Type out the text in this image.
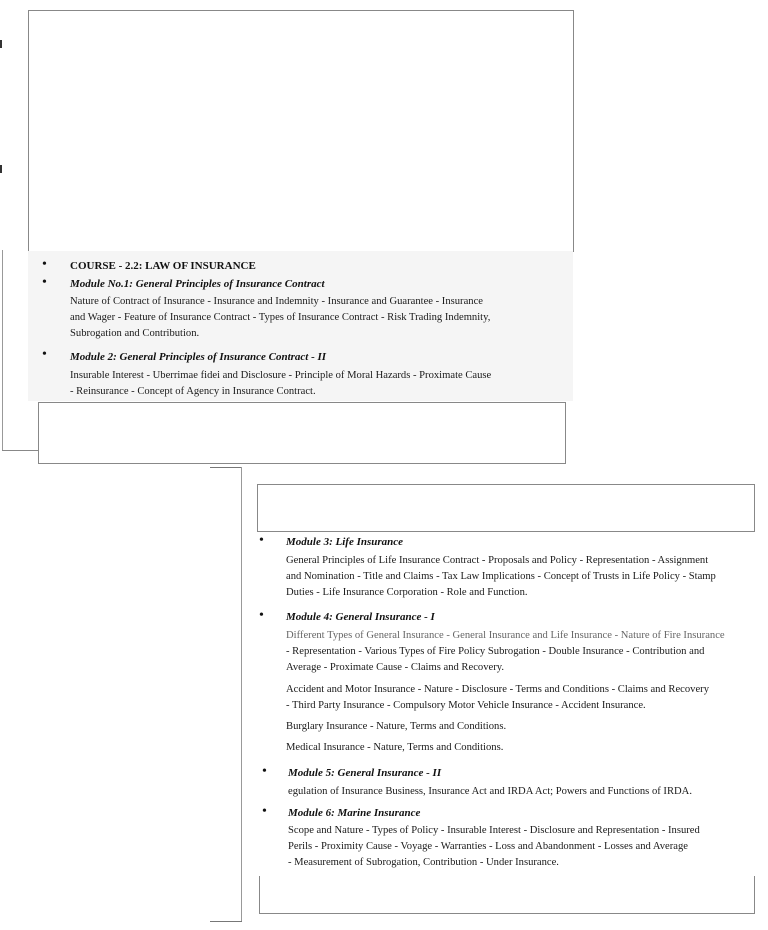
• COURSE - 2.2: LAW OF INSURANCE
• Module No.1: General Principles of Insurance Contract
Nature of Contract of Insurance - Insurance and Indemnity - Insurance and Guarantee - Insurance
and Wager - Feature of Insurance Contract - Types of Insurance Contract - Risk Trading Indemnity,
Subrogation and Contribution.
• Module 2: General Principles of Insurance Contract - II
Insurable Interest - Uberrimae fidei and Disclosure - Principle of Moral Hazards - Proximate Cause
- Reinsurance - Concept of Agency in Insurance Contract.
• Module 3: Life Insurance
General Principles of Life Insurance Contract - Proposals and Policy - Representation - Assignment
and Nomination - Title and Claims - Tax Law Implications - Concept of Trusts in Life Policy - Stamp
Duties - Life Insurance Corporation - Role and Function.
• Module 4: General Insurance - I
Different Types of General Insurance - General Insurance and Life Insurance - Nature of Fire Insurance
- Representation - Various Types of Fire Policy Subrogation - Double Insurance - Contribution and
Average - Proximate Cause - Claims and Recovery.
Accident and Motor Insurance - Nature - Disclosure - Terms and Conditions - Claims and Recovery
- Third Party Insurance - Compulsory Motor Vehicle Insurance - Accident Insurance.
Burglary Insurance - Nature, Terms and Conditions.
Medical Insurance - Nature, Terms and Conditions.
• Module 5: General Insurance - II
egulation of Insurance Business, Insurance Act and IRDA Act; Powers and Functions of IRDA.
• Module 6: Marine Insurance
Scope and Nature - Types of Policy - Insurable Interest - Disclosure and Representation - Insured
Perils - Proximity Cause - Voyage - Warranties - Loss and Abandonment - Losses and Average
- Measurement of Subrogation, Contribution - Under Insurance.
